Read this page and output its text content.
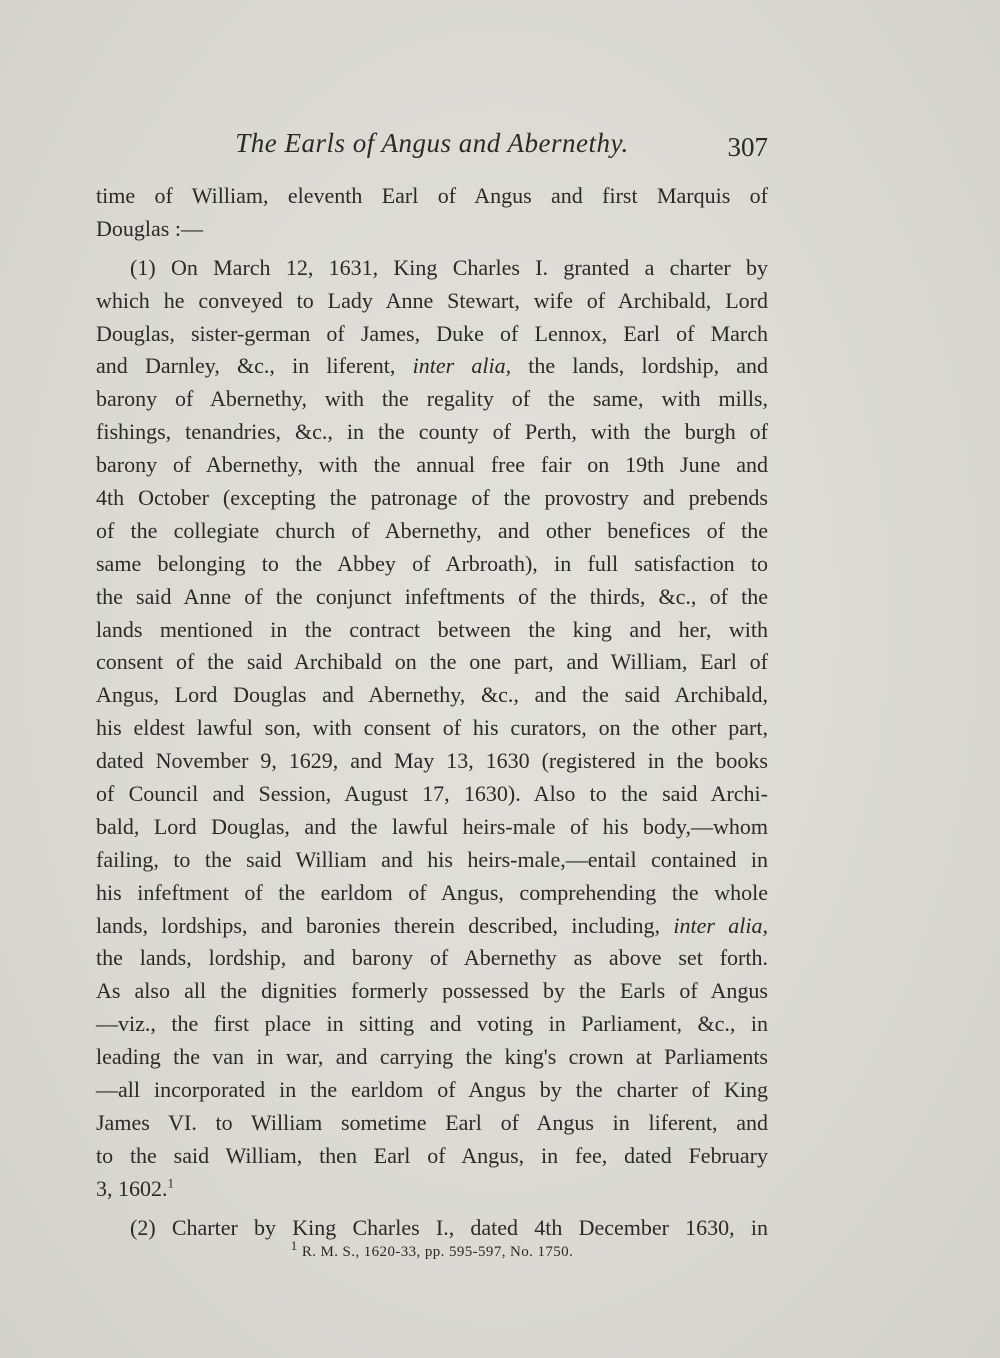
The Earls of Angus and Abernethy.	307
time of William, eleventh Earl of Angus and first Marquis of
Douglas :—
(1) On March 12, 1631, King Charles I. granted a charter by
which he conveyed to Lady Anne Stewart, wife of Archibald, Lord
Douglas, sister-german of James, Duke of Lennox, Earl of March
and Darnley, &c., in liferent, inter alia, the lands, lordship, and
barony of Abernethy, with the regality of the same, with mills,
fishings, tenandries, &c., in the county of Perth, with the burgh of
barony of Abernethy, with the annual free fair on 19th June and
4th October (excepting the patronage of the provostry and prebends
of the collegiate church of Abernethy, and other benefices of the
same belonging to the Abbey of Arbroath), in full satisfaction to
the said Anne of the conjunct infeftments of the thirds, &c., of the
lands mentioned in the contract between the king and her, with
consent of the said Archibald on the one part, and William, Earl of
Angus, Lord Douglas and Abernethy, &c., and the said Archibald,
his eldest lawful son, with consent of his curators, on the other part,
dated November 9, 1629, and May 13, 1630 (registered in the books
of Council and Session, August 17, 1630). Also to the said Archi-
bald, Lord Douglas, and the lawful heirs-male of his body,—whom
failing, to the said William and his heirs-male,—entail contained in
his infeftment of the earldom of Angus, comprehending the whole
lands, lordships, and baronies therein described, including, inter alia,
the lands, lordship, and barony of Abernethy as above set forth.
As also all the dignities formerly possessed by the Earls of Angus
—viz., the first place in sitting and voting in Parliament, &c., in
leading the van in war, and carrying the king's crown at Parliaments
—all incorporated in the earldom of Angus by the charter of King
James VI. to William sometime Earl of Angus in liferent, and
to the said William, then Earl of Angus, in fee, dated February
3, 1602.$^1$
(2) Charter by King Charles I., dated 4th December 1630, in
$^1$ R. M. S., 1620-33, pp. 595-597, No. 1750.
